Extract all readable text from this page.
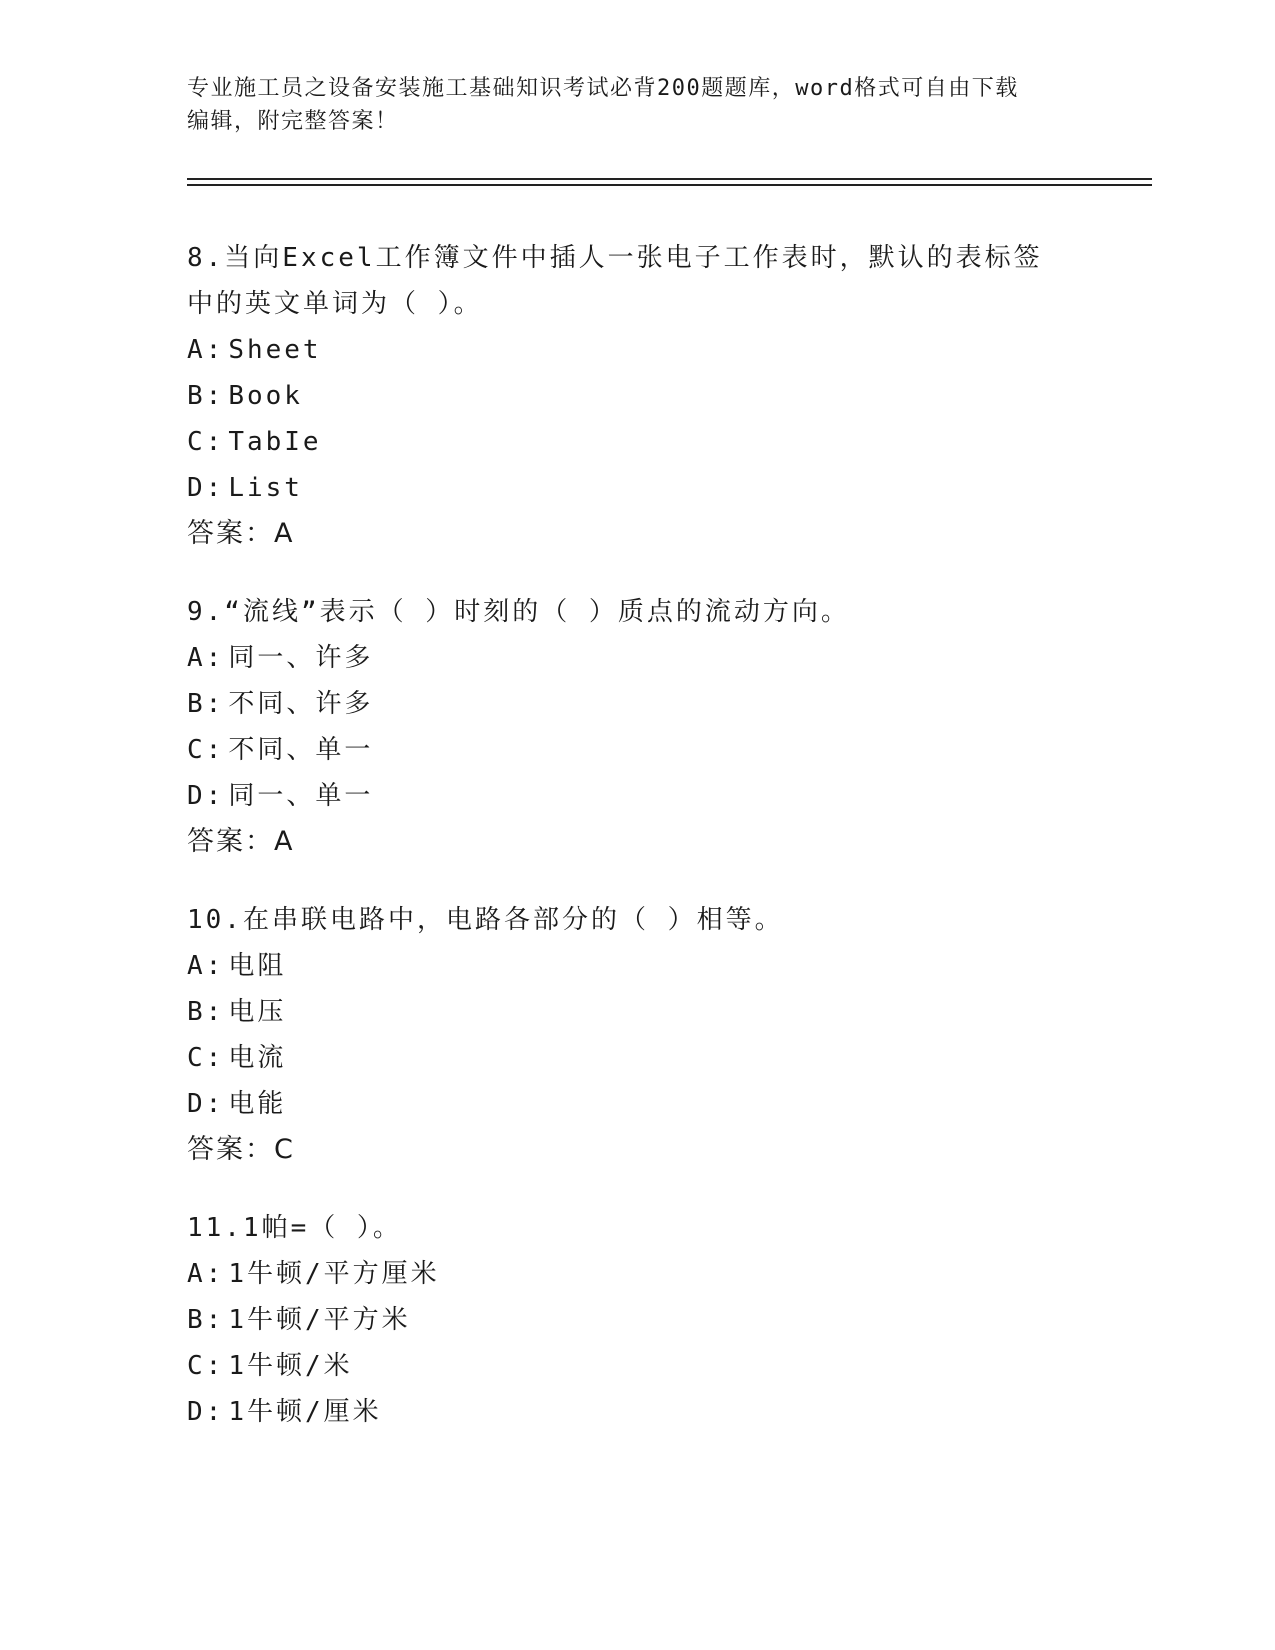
专业施工员之设备安装施工基础知识考试必背200题题库，word格式可自由下载
编辑，附完整答案！
8.当向Excel工作簿文件中插人一张电子工作表时，默认的表标签中的英文单词为（ ）。
A: Sheet
B: Book
C: TabIe
D: List
答案：A
9.“流线”表示（ ）时刻的（ ）质点的流动方向。
A: 同一、许多
B: 不同、许多
C: 不同、单一
D: 同一、单一
答案：A
10.在串联电路中，电路各部分的（ ）相等。
A: 电阻
B: 电压
C: 电流
D: 电能
答案：C
11.1帕=（ ）。
A: 1牛顿/平方厘米
B: 1牛顿/平方米
C: 1牛顿/米
D: 1牛顿/厘米
